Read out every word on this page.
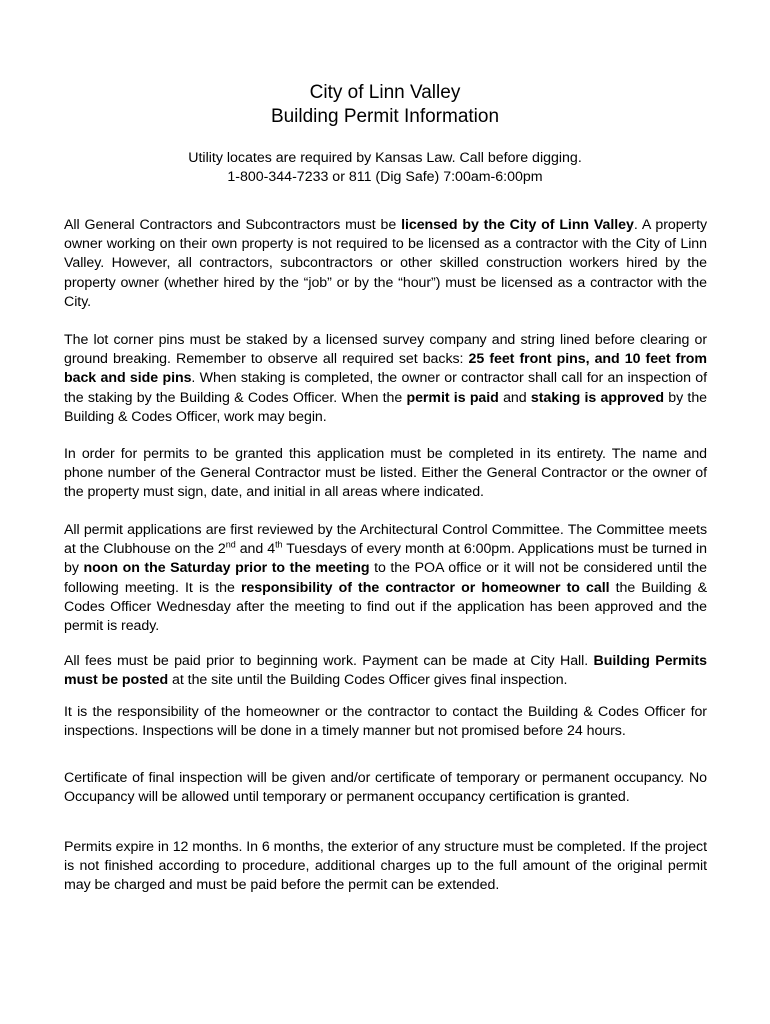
City of Linn Valley
Building Permit Information
Utility locates are required by Kansas Law. Call before digging.
1-800-344-7233 or 811 (Dig Safe) 7:00am-6:00pm

All General Contractors and Subcontractors must be licensed by the City of Linn Valley. A property owner working on their own property is not required to be licensed as a contractor with the City of Linn Valley. However, all contractors, subcontractors or other skilled construction workers hired by the property owner (whether hired by the “job” or by the “hour”) must be licensed as a contractor with the City.

The lot corner pins must be staked by a licensed survey company and string lined before clearing or ground breaking. Remember to observe all required set backs: 25 feet front pins, and 10 feet from back and side pins. When staking is completed, the owner or contractor shall call for an inspection of the staking by the Building & Codes Officer. When the permit is paid and staking is approved by the Building & Codes Officer, work may begin.

In order for permits to be granted this application must be completed in its entirety. The name and phone number of the General Contractor must be listed. Either the General Contractor or the owner of the property must sign, date, and initial in all areas where indicated.

All permit applications are first reviewed by the Architectural Control Committee. The Committee meets at the Clubhouse on the 2nd and 4th Tuesdays of every month at 6:00pm. Applications must be turned in by noon on the Saturday prior to the meeting to the POA office or it will not be considered until the following meeting. It is the responsibility of the contractor or homeowner to call the Building & Codes Officer Wednesday after the meeting to find out if the application has been approved and the permit is ready.

All fees must be paid prior to beginning work. Payment can be made at City Hall. Building Permits must be posted at the site until the Building Codes Officer gives final inspection.

It is the responsibility of the homeowner or the contractor to contact the Building & Codes Officer for inspections. Inspections will be done in a timely manner but not promised before 24 hours.

Certificate of final inspection will be given and/or certificate of temporary or permanent occupancy. No Occupancy will be allowed until temporary or permanent occupancy certification is granted.

Permits expire in 12 months. In 6 months, the exterior of any structure must be completed. If the project is not finished according to procedure, additional charges up to the full amount of the original permit may be charged and must be paid before the permit can be extended.
